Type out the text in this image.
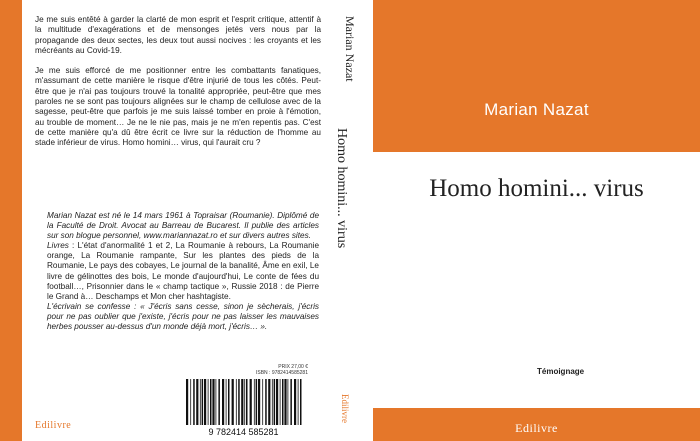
Je me suis entêté à garder la clarté de mon esprit et l'esprit critique, attentif à la multitude d'exagérations et de mensonges jetés vers nous par la propagande des deux sectes, les deux tout aussi nocives : les croyants et les mécréants au Covid-19.

Je me suis efforcé de me positionner entre les combattants fanatiques, m'assumant de cette manière le risque d'être injurié de tous les côtés. Peut-être que je n'ai pas toujours trouvé la tonalité appropriée, peut-être que mes paroles ne se sont pas toujours alignées sur le champ de cellulose avec de la sagesse, peut-être que parfois je me suis laissé tomber en proie à l'émotion, au trouble de moment… Je ne le nie pas, mais je ne m'en repentis pas. C'est de cette manière qu'a dû être écrit ce livre sur la réduction de l'homme au stade inférieur de virus. Homo homini… virus, qui l'aurait cru ?

Marian Nazat est né le 14 mars 1961 à Topraisar (Roumanie). Diplômé de la Faculté de Droit. Avocat au Barreau de Bucarest. Il publie des articles sur son blogue personnel, www.mariannazat.ro et sur divers autres sites.

Livres : L'état d'anormalité 1 et 2, La Roumanie à rebours, La Roumanie orange, La Roumanie rampante, Sur les plantes des pieds de la Roumanie, Le pays des cobayes, Le journal de la banalité, Âme en exil, Le livre de gélinottes des bois, Le monde d'aujourd'hui, Le conte de fées du football…, Prisonnier dans le « champ tactique », Russie 2018 : de Pierre le Grand à… Deschamps et Mon cher hashtagiste.

L'écrivain se confesse : « J'écris sans cesse, sinon je sècherais, j'écris pour ne pas oublier que j'existe, j'écris pour ne pas laisser les mauvaises herbes pousser au-dessus d'un monde déjà mort, j'écris… ».

PRIX 27,00 €
ISBN : 9782414585281
9 782414 585281
Edilivre
Marian Nazat
Homo homini... virus
Edilivre
Marian Nazat
Homo homini... virus
Témoignage
Edilivre
